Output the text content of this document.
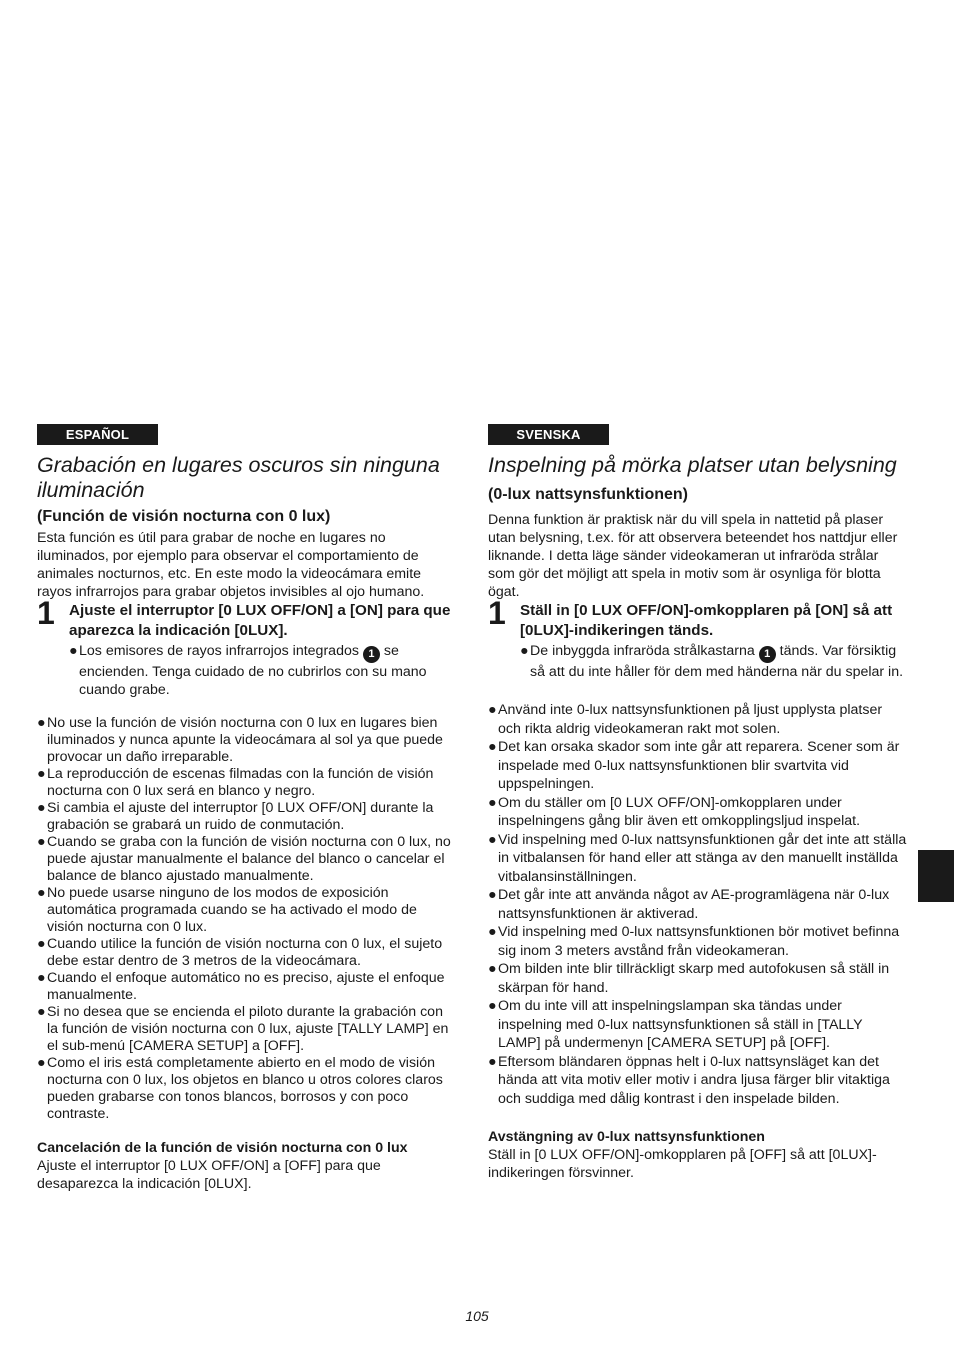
ESPAÑOL
Grabación en lugares oscuros sin ninguna iluminación
(Función de visión nocturna con 0 lux)

Esta función es útil para grabar de noche en lugares no iluminados, por ejemplo para observar el comportamiento de animales nocturnos, etc. En este modo la videocámara emite rayos infrarrojos para grabar objetos invisibles al ojo humano.

1 Ajuste el interruptor [0 LUX OFF/ON] a [ON] para que aparezca la indicación [0LUX].
● Los emisores de rayos infrarrojos integrados 1 se encienden. Tenga cuidado de no cubrirlos con su mano cuando grabe.
● No use la función de visión nocturna con 0 lux en lugares bien iluminados y nunca apunte la videocámara al sol ya que puede provocar un daño irreparable.
● La reproducción de escenas filmadas con la función de visión nocturna con 0 lux será en blanco y negro.
● Si cambia el ajuste del interruptor [0 LUX OFF/ON] durante la grabación se grabará un ruido de conmutación.
● Cuando se graba con la función de visión nocturna con 0 lux, no puede ajustar manualmente el balance del blanco o cancelar el balance de blanco ajustado manualmente.
● No puede usarse ninguno de los modos de exposición automática programada cuando se ha activado el modo de visión nocturna con 0 lux.
● Cuando utilice la función de visión nocturna con 0 lux, el sujeto debe estar dentro de 3 metros de la videocámara.
● Cuando el enfoque automático no es preciso, ajuste el enfoque manualmente.
● Si no desea que se encienda el piloto durante la grabación con la función de visión nocturna con 0 lux, ajuste [TALLY LAMP] en el sub-menú [CAMERA SETUP] a [OFF].
● Como el iris está completamente abierto en el modo de visión nocturna con 0 lux, los objetos en blanco u otros colores claros pueden grabarse con tonos blancos, borrosos y con poco contraste.
Cancelación de la función de visión nocturna con 0 lux

Ajuste el interruptor [0 LUX OFF/ON] a [OFF] para que desaparezca la indicación [0LUX].

SVENSKA
Inspelning på mörka platser utan belysning (0-lux nattsynsfunktionen)

Denna funktion är praktisk när du vill spela in nattetid på plaser utan belysning, t.ex. för att observera beteendet hos nattdjur eller liknande. I detta läge sänder videokameran ut infraröda strålar som gör det möjligt att spela in motiv som är osynliga för blotta ögat.

1 Ställ in [0 LUX OFF/ON]-omkopplaren på [ON] så att [0LUX]-indikeringen tänds.
● De inbyggda infraröda strålkastarna 1 tänds. Var försiktig så att du inte håller för dem med händerna när du spelar in.
● Använd inte 0-lux nattsynsfunktionen på ljust upplysta platser och rikta aldrig videokameran rakt mot solen.
● Det kan orsaka skador som inte går att reparera. Scener som är inspelade med 0-lux nattsynsfunktionen blir svartvita vid uppspelningen.
● Om du ställer om [0 LUX OFF/ON]-omkopplaren under inspelningens gång blir även ett omkopplingsljud inspelat.
● Vid inspelning med 0-lux nattsynsfunktionen går det inte att ställa in vitbalansen för hand eller att stänga av den manuellt inställda vitbalansinställningen.
● Det går inte att använda något av AE-programlägena när 0-lux nattsynsfunktionen är aktiverad.
● Vid inspelning med 0-lux nattsynsfunktionen bör motivet befinna sig inom 3 meters avstånd från videokameran.
● Om bilden inte blir tillräckligt skarp med autofokusen så ställ in skärpan för hand.
● Om du inte vill att inspelningslampan ska tändas under inspelning med 0-lux nattsynsfunktionen så ställ in [TALLY LAMP] på undermenyn [CAMERA SETUP] på [OFF].
● Eftersom bländaren öppnas helt i 0-lux nattsynsläget kan det hända att vita motiv eller motiv i andra ljusa färger blir vitaktiga och suddiga med dålig kontrast i den inspelade bilden.
Avstängning av 0-lux nattsynsfunktionen

Ställ in [0 LUX OFF/ON]-omkopplaren på [OFF] så att [0LUX]-indikeringen försvinner.

105
